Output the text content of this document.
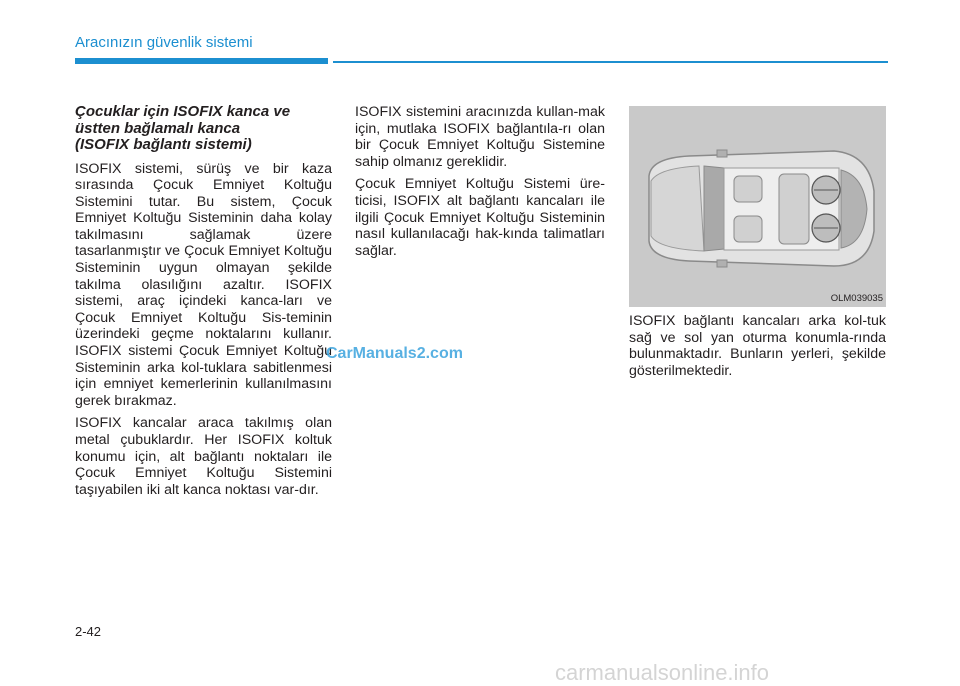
Aracınızın güvenlik sistemi
Çocuklar için ISOFIX kanca ve
üstten bağlamalı kanca
(ISOFIX bağlantı sistemi)

ISOFIX sistemi, sürüş ve bir kaza sırasında Çocuk Emniyet Koltuğu Sistemini tutar. Bu sistem, Çocuk Emniyet Koltuğu Sisteminin daha kolay takılmasını sağlamak üzere tasarlanmıştır ve Çocuk Emniyet Koltuğu Sisteminin uygun olmayan şekilde takılma olasılığını azaltır. ISOFIX sistemi, araç içindeki kanca-ları ve Çocuk Emniyet Koltuğu Sis-teminin üzerindeki geçme noktalarını kullanır. ISOFIX sistemi Çocuk Emniyet Koltuğu Sisteminin arka kol-tuklara sabitlenmesi için emniyet kemerlerinin kullanılmasını gerek bırakmaz.

ISOFIX kancalar araca takılmış olan metal çubuklardır. Her ISOFIX koltuk konumu için, alt bağlantı noktaları ile Çocuk Emniyet Koltuğu Sistemini taşıyabilen iki alt kanca noktası var-dır.

ISOFIX sistemini aracınızda kullan-mak için, mutlaka ISOFIX bağlantıla-rı olan bir Çocuk Emniyet Koltuğu Sistemine sahip olmanız gereklidir.

Çocuk Emniyet Koltuğu Sistemi üre-ticisi, ISOFIX alt bağlantı kancaları ile ilgili Çocuk Emniyet Koltuğu Sisteminin nasıl kullanılacağı hak-kında talimatları sağlar.

OLM039035

ISOFIX bağlantı kancaları arka kol-tuk sağ ve sol yan oturma konumla-rında bulunmaktadır. Bunların yerleri, şekilde gösterilmektedir.

CarManuals2.com
2-42
carmanualsonline.info
